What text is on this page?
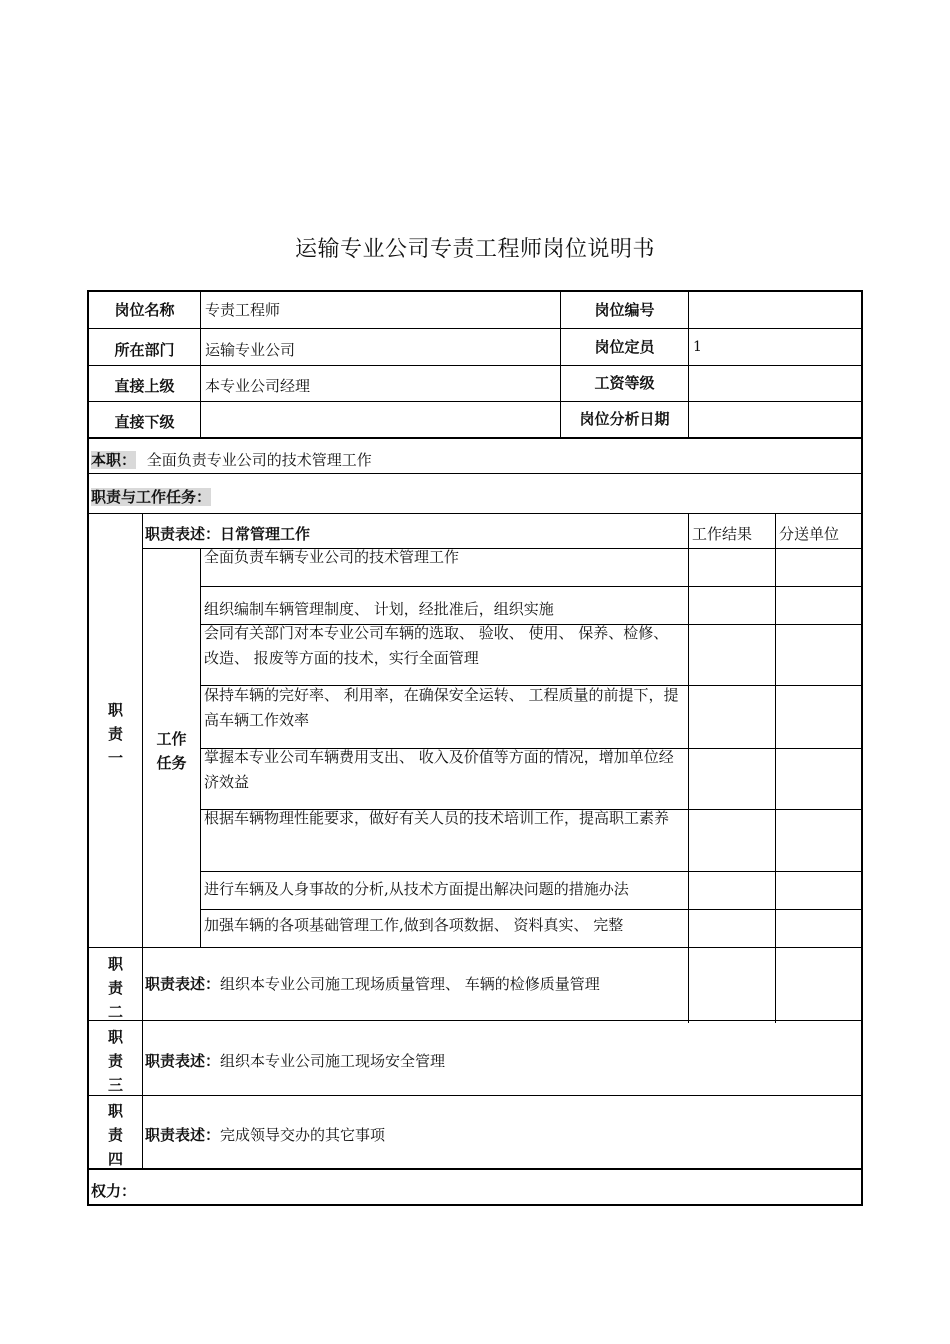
运输专业公司专责工程师岗位说明书
岗位名称	专责工程师	岗位编号
所在部门	运输专业公司	岗位定员	1
直接上级	本专业公司经理	工资等级
直接下级	岗位分析日期
本职： 全面负责专业公司的技术管理工作
职责与工作任务：
职
责
一
职责表述：日常管理工作	工作结果 分送单位
工作
任务
全面负责车辆专业公司的技术管理工作
组织编制车辆管理制度、 计划，经批准后，组织实施
会同有关部门对本专业公司车辆的选取、 验收、 使用、 保养、检修、 改造、 报废等方面的技术，实行全面管理
保持车辆的完好率、 利用率，在确保安全运转、 工程质量的前提下，提高车辆工作效率
掌握本专业公司车辆费用支出、 收入及价值等方面的情况，增加单位经济效益
根据车辆物理性能要求，做好有关人员的技术培训工作，提高职工素养
进行车辆及人身事故的分析,从技术方面提出解决问题的措施办法
加强车辆的各项基础管理工作,做到各项数据、 资料真实、 完整
职
责
二
职责表述：组织本专业公司施工现场质量管理、 车辆的检修质量管理
职
责
三
职责表述：组织本专业公司施工现场安全管理
职
责
四
职责表述：完成领导交办的其它事项
权力：
